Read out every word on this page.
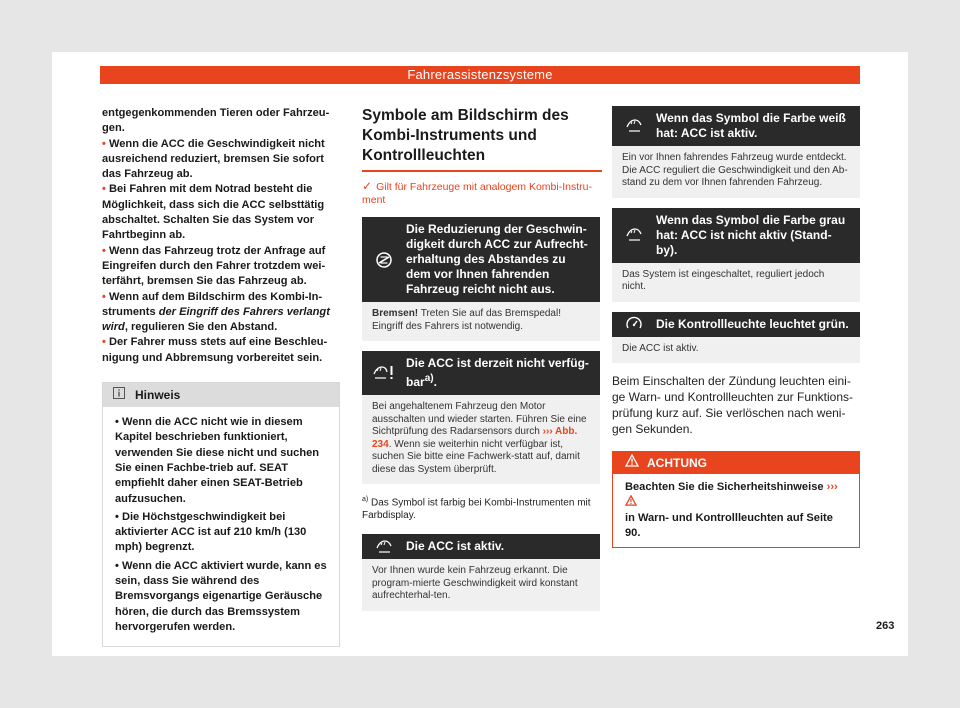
Fahrerassistenzsysteme
entgegenkommenden Tieren oder Fahrzeu-gen.
• Wenn die ACC die Geschwindigkeit nicht ausreichend reduziert, bremsen Sie sofort das Fahrzeug ab.
• Bei Fahren mit dem Notrad besteht die Möglichkeit, dass sich die ACC selbsttätig abschaltet. Schalten Sie das System vor Fahrtbeginn ab.
• Wenn das Fahrzeug trotz der Anfrage auf Eingreifen durch den Fahrer trotzdem wei-terfährt, bremsen Sie das Fahrzeug ab.
• Wenn auf dem Bildschirm des Kombi-In-struments der Eingriff des Fahrers verlangt wird, regulieren Sie den Abstand.
• Der Fahrer muss stets auf eine Beschleu-nigung und Abbremsung vorbereitet sein.
Hinweis

• Wenn die ACC nicht wie in diesem Kapitel beschrieben funktioniert, verwenden Sie diese nicht und suchen Sie einen Fachbe-trieb auf. SEAT empfiehlt daher einen SEAT-Betrieb aufzusuchen.

• Die Höchstgeschwindigkeit bei aktivierter ACC ist auf 210 km/h (130 mph) begrenzt.

• Wenn die ACC aktiviert wurde, kann es sein, dass Sie während des Bremsvorgangs eigenartige Geräusche hören, die durch das Bremssystem hervorgerufen werden.

Symbole am Bildschirm des Kombi-Instruments und Kontrollleuchten
✓ Gilt für Fahrzeuge mit analogem Kombi-Instru-ment
Die Reduzierung der Geschwin-digkeit durch ACC zur Aufrecht-erhaltung des Abstandes zu dem vor Ihnen fahrenden Fahrzeug reicht nicht aus.
Bremsen! Treten Sie auf das Bremspedal! Eingriff des Fahrers ist notwendig.
Die ACC ist derzeit nicht verfüg-bar$^{a)}$.
Bei angehaltenem Fahrzeug den Motor ausschalten und wieder starten. Führen Sie eine Sichtprüfung des Radarsensors durch ››› Abb. 234. Wenn sie weiterhin nicht verfügbar ist, suchen Sie bitte eine Fachwerk-statt auf, damit diese das System überprüft.
$^{a)}$ Das Symbol ist farbig bei Kombi-Instrumenten mit Farbdisplay.
Die ACC ist aktiv.
Vor Ihnen wurde kein Fahrzeug erkannt. Die program-mierte Geschwindigkeit wird konstant aufrechterhal-ten.
Wenn das Symbol die Farbe weiß hat: ACC ist aktiv.
Ein vor Ihnen fahrendes Fahrzeug wurde entdeckt. Die ACC reguliert die Geschwindigkeit und den Ab-stand zu dem vor Ihnen fahrenden Fahrzeug.
Wenn das Symbol die Farbe grau hat: ACC ist nicht aktiv (Stand-by).
Das System ist eingeschaltet, reguliert jedoch nicht.
Die Kontrollleuchte leuchtet grün.
Die ACC ist aktiv.
Beim Einschalten der Zündung leuchten eini-ge Warn- und Kontrollleuchten zur Funktions-prüfung kurz auf. Sie verlöschen nach weni-gen Sekunden.
ACHTUNG
Beachten Sie die Sicherheitshinweise ›››
in Warn- und Kontrollleuchten auf Seite 90.
263
